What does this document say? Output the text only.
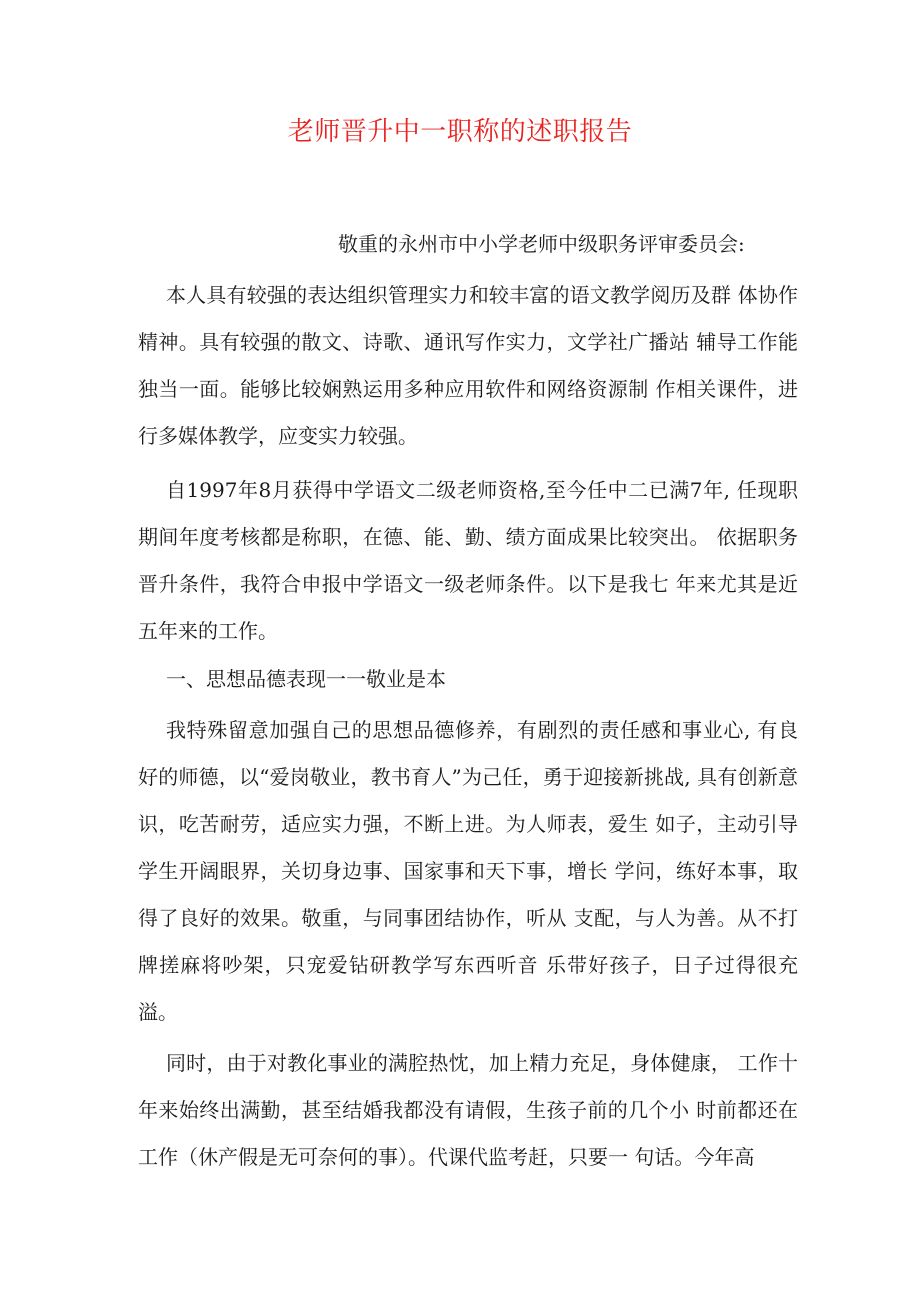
老师晋升中一职称的述职报告
敬重的永州市中小学老师中级职务评审委员会:

本人具有较强的表达组织管理实力和较丰富的语文教学阅历及群 体协作精神。具有较强的散文、诗歌、通讯写作实力，文学社广播站 辅导工作能独当一面。能够比较娴熟运用多种应用软件和网络资源制 作相关课件，进行多媒体教学，应变实力较强。

自1997年8月获得中学语文二级老师资格,至今任中二已满7年, 任现职期间年度考核都是称职，在德、能、勤、绩方面成果比较突出。 依据职务晋升条件，我符合申报中学语文一级老师条件。以下是我七 年来尤其是近五年来的工作。

一、思想品德表现一一敬业是本

我特殊留意加强自己的思想品德修养，有剧烈的责任感和事业心, 有良好的师德，以“爱岗敬业，教书育人”为己任，勇于迎接新挑战, 具有创新意识，吃苦耐劳，适应实力强，不断上进。为人师表，爱生 如子，主动引导学生开阔眼界，关切身边事、国家事和天下事，增长 学问，练好本事，取得了良好的效果。敬重，与同事团结协作，听从 支配，与人为善。从不打牌搓麻将吵架，只宠爱钻研教学写东西听音 乐带好孩子，日子过得很充溢。

同时，由于对教化事业的满腔热忱，加上精力充足，身体健康， 工作十年来始终出满勤，甚至结婚我都没有请假，生孩子前的几个小 时前都还在工作（休产假是无可奈何的事）。代课代监考赶，只要一 句话。今年高
